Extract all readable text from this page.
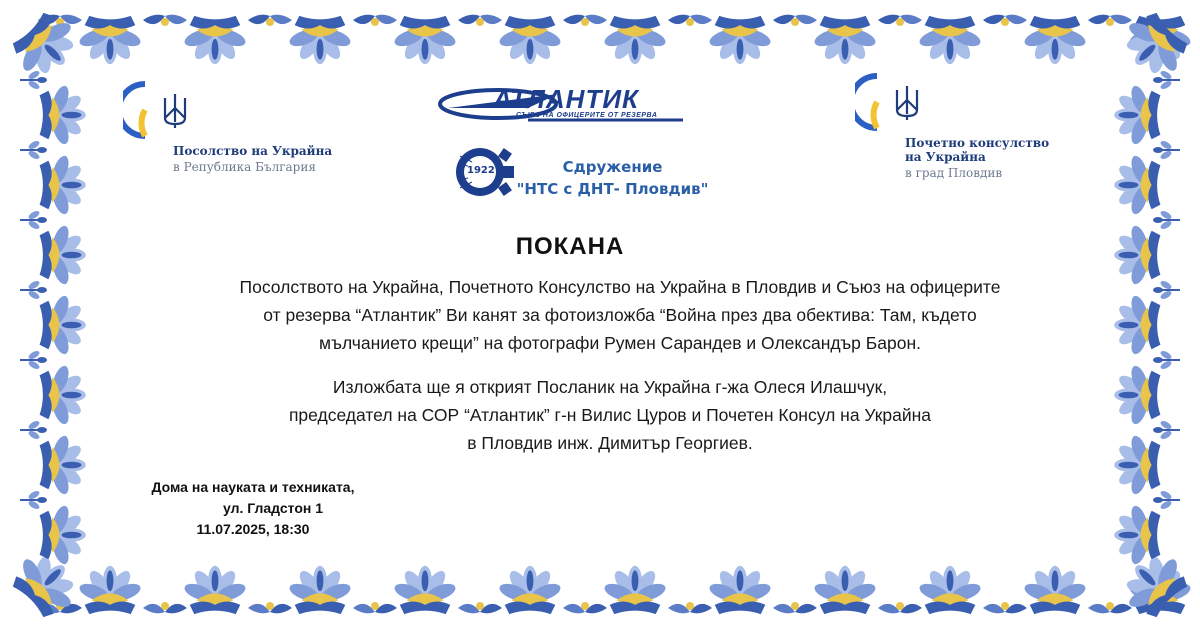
Посолство на Украйна
в Република България
Почетно консулство
на Украйна
в град Пловдив
АТЛАНТИК
СЪЮЗ НА ОФИЦЕРИТЕ ОТ РЕЗЕРВА
1922	Сдружение
"НТС с ДНТ- Пловдив"
ПОКАНА
Посолството на Украйна, Почетното Консулство на Украйна в Пловдив и Съюз на офицерите
от резерва “Атлантик” Ви канят за фотоизложба “Война през два обектива: Там, където
мълчанието крещи” на фотографи Румен Сарандев и Олександър Барон.
Изложбата ще я открият Посланик на Украйна г-жа Олеся Илашчук,
председател на СОР “Атлантик” г-н Вилис Цуров и Почетен Консул на Украйна
в Пловдив инж. Димитър Георгиев.
Дома на науката и техниката,
ул. Гладстон 1
11.07.2025, 18:30
